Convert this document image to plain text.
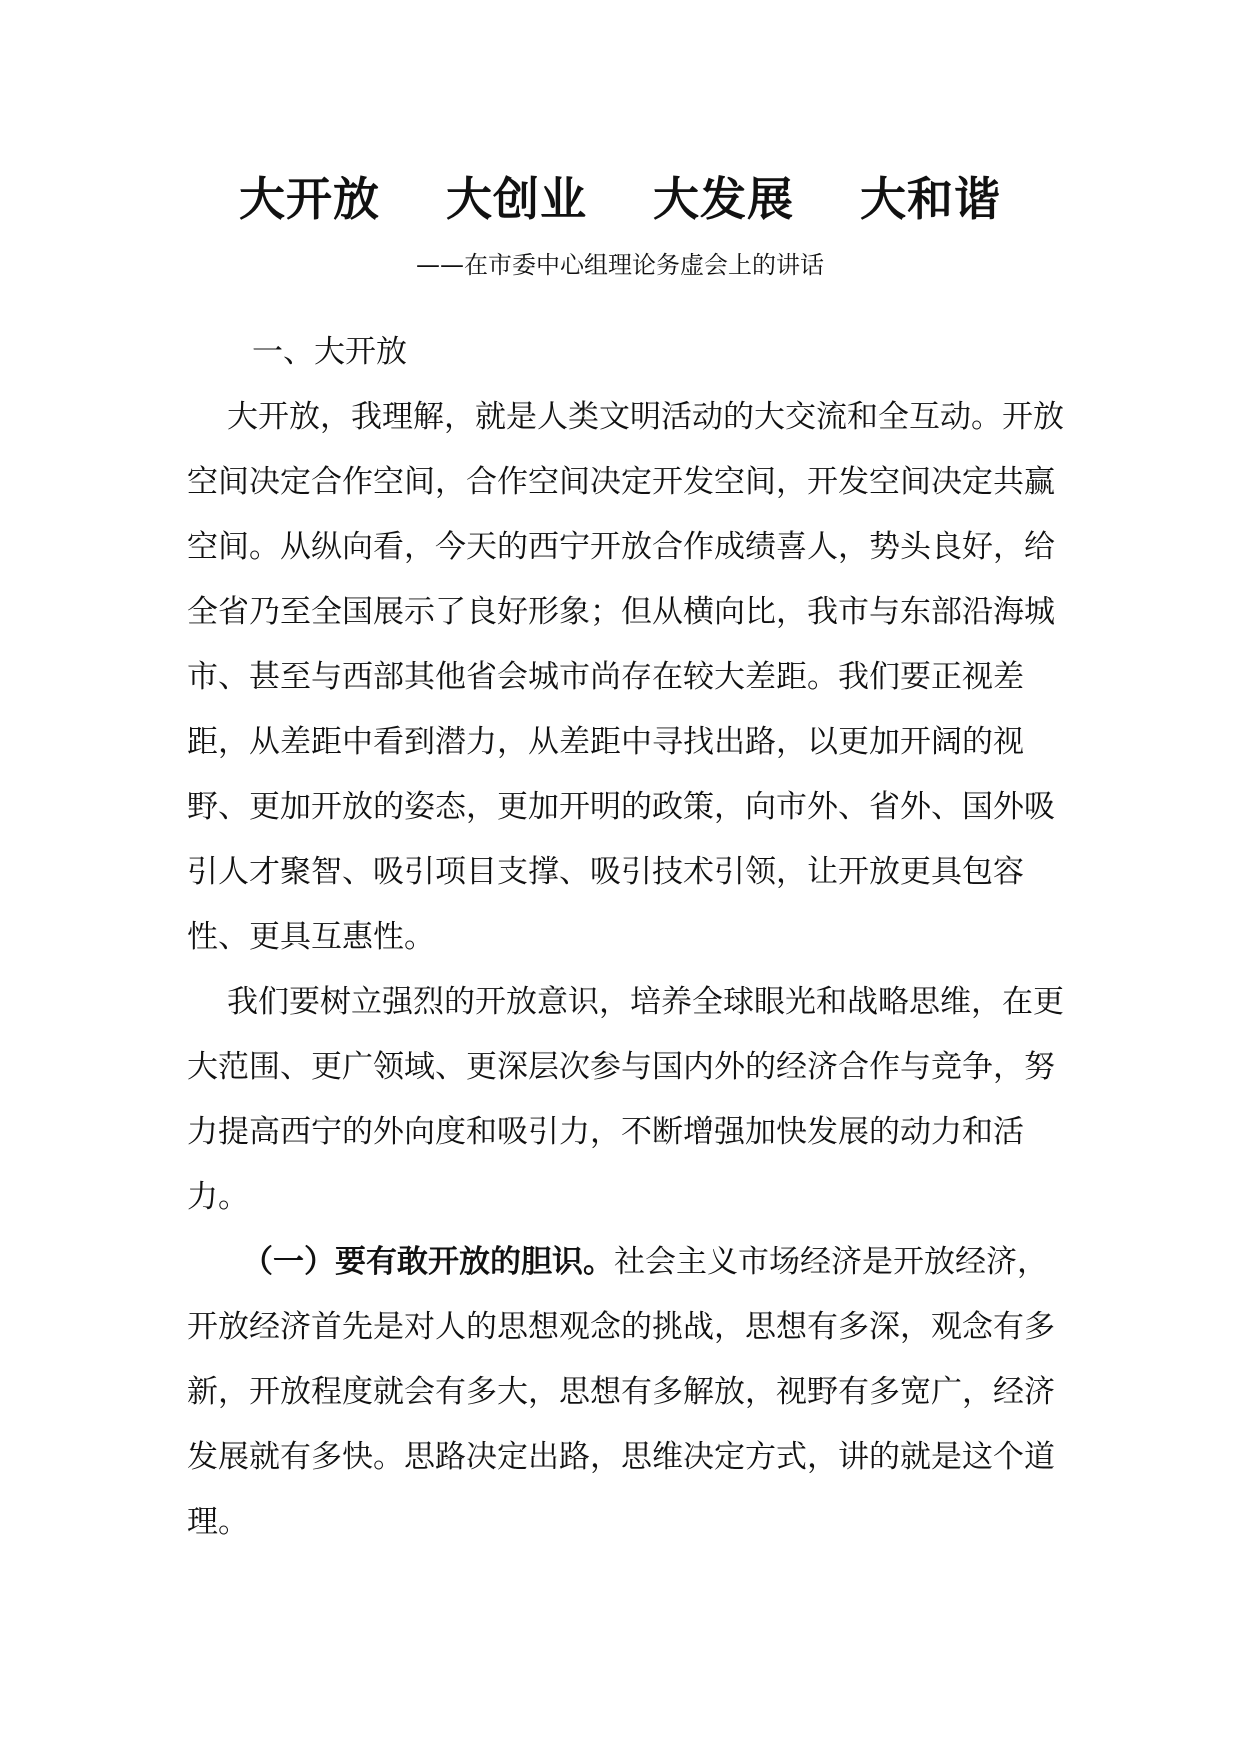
大开放  大创业  大发展  大和谐
——在市委中心组理论务虚会上的讲话

一、大开放

大开放，我理解，就是人类文明活动的大交流和全互动。开放空间决定合作空间，合作空间决定开发空间，开发空间决定共赢空间。从纵向看，今天的西宁开放合作成绩喜人，势头良好，给全省乃至全国展示了良好形象；但从横向比，我市与东部沿海城市、甚至与西部其他省会城市尚存在较大差距。我们要正视差距，从差距中看到潜力，从差距中寻找出路，以更加开阔的视野、更加开放的姿态，更加开明的政策，向市外、省外、国外吸引人才聚智、吸引项目支撑、吸引技术引领，让开放更具包容性、更具互惠性。

我们要树立强烈的开放意识，培养全球眼光和战略思维，在更大范围、更广领域、更深层次参与国内外的经济合作与竞争，努力提高西宁的外向度和吸引力，不断增强加快发展的动力和活力。

（一）要有敢开放的胆识。社会主义市场经济是开放经济，开放经济首先是对人的思想观念的挑战，思想有多深，观念有多新，开放程度就会有多大，思想有多解放，视野有多宽广，经济发展就有多快。思路决定出路，思维决定方式，讲的就是这个道理。
